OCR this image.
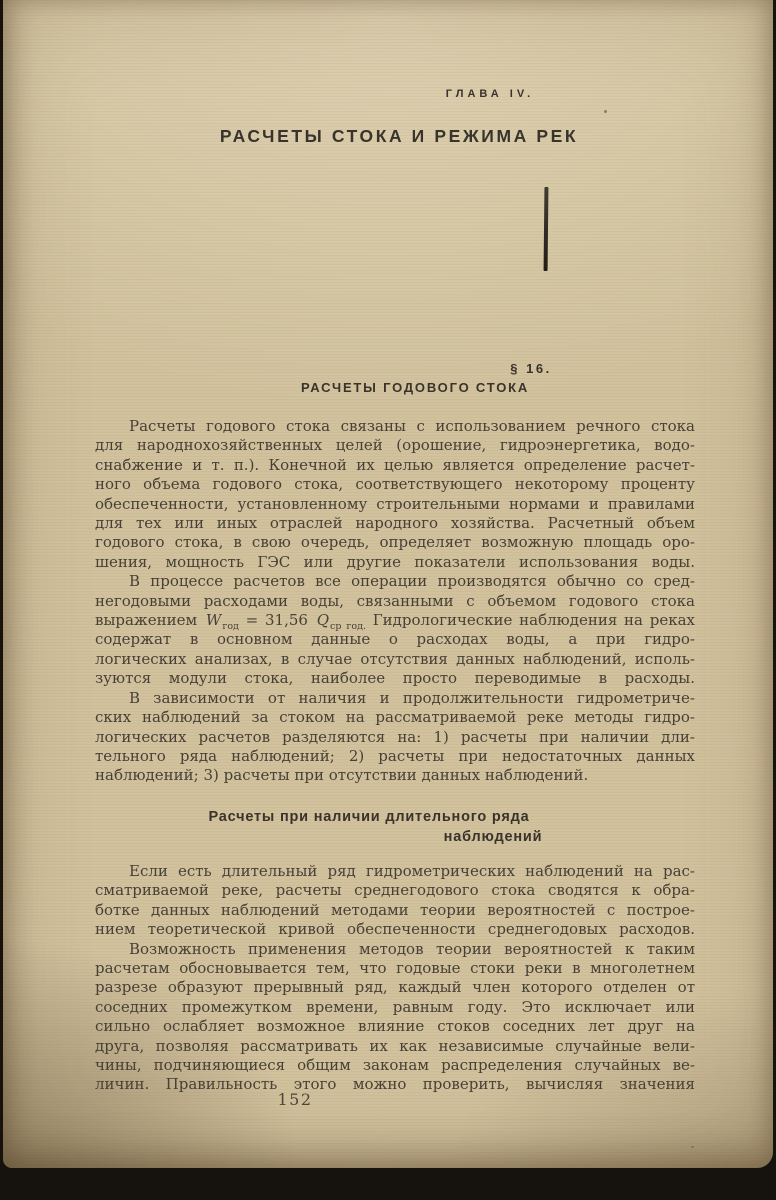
ГЛАВА IV.
РАСЧЕТЫ СТОКА И РЕЖИМА РЕК
§ 16.
РАСЧЕТЫ ГОДОВОГО СТОКА
Расчеты годового стока связаны с использованием речного стока
для народнохозяйственных целей (орошение, гидроэнергетика, водо-
снабжение и т. п.). Конечной их целью является определение расчет-
ного объема годового стока, соответствующего некоторому проценту
обеспеченности, установленному строительными нормами и правилами
для тех или иных отраслей народного хозяйства. Расчетный объем
годового стока, в свою очередь, определяет возможную площадь оро-
шения, мощность ГЭС или другие показатели использования воды.
В процессе расчетов все операции производятся обычно со сред-
негодовыми расходами воды, связанными с объемом годового стока
выражением $W_{год} = 31,56$ $Q_{ср год.}$ Гидрологические наблюдения на реках
содержат в основном данные о расходах воды, а при гидро-
логических анализах, в случае отсутствия данных наблюдений, исполь-
зуются модули стока, наиболее просто переводимые в расходы.
В зависимости от наличия и продолжительности гидрометриче-
ских наблюдений за стоком на рассматриваемой реке методы гидро-
логических расчетов разделяются на: 1) расчеты при наличии дли-
тельного ряда наблюдений; 2) расчеты при недостаточных данных
наблюдений; 3) расчеты при отсутствии данных наблюдений.
Расчеты при наличии длительного ряда
наблюдений
Если есть длительный ряд гидрометрических наблюдений на рас-
сматриваемой реке, расчеты среднегодового стока сводятся к обра-
ботке данных наблюдений методами теории вероятностей с построе-
нием теоретической кривой обеспеченности среднегодовых расходов.
Возможность применения методов теории вероятностей к таким
расчетам обосновывается тем, что годовые стоки реки в многолетнем
разрезе образуют прерывный ряд, каждый член которого отделен от
соседних промежутком времени, равным году. Это исключает или
сильно ослабляет возможное влияние стоков соседних лет друг на
друга, позволяя рассматривать их как независимые случайные вели-
чины, подчиняющиеся общим законам распределения случайных ве-
личин. Правильность этого можно проверить, вычисляя значения
152
